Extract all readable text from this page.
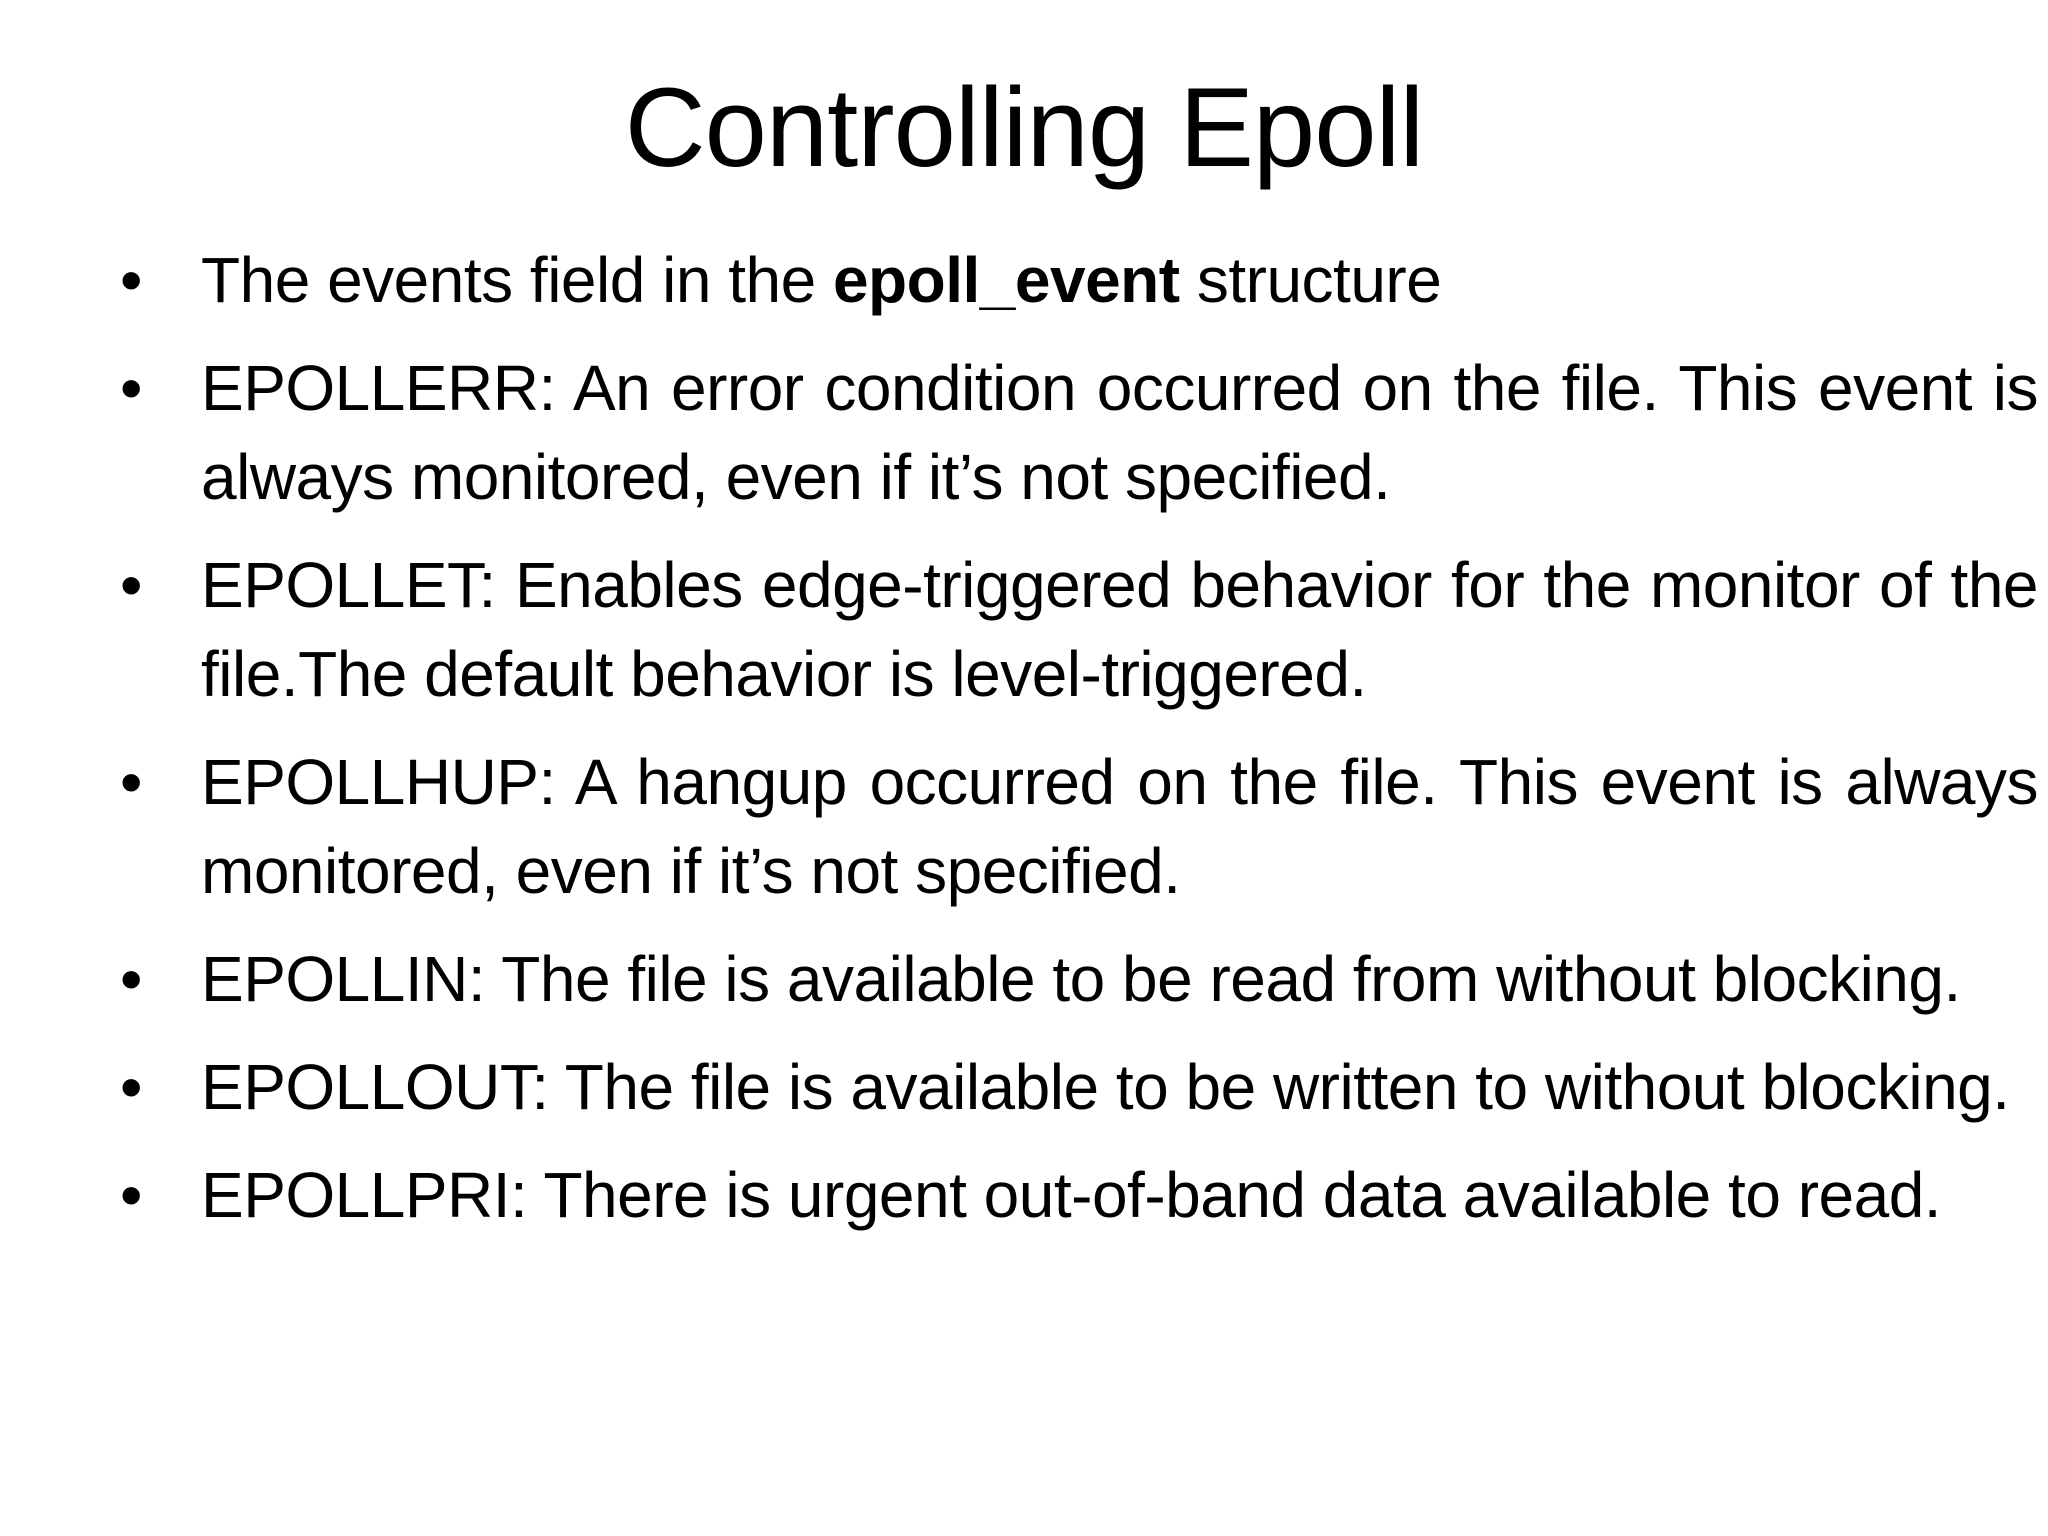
Controlling Epoll
• The events field in the epoll_event structure
• EPOLLERR: An error condition occurred on the file. This event is always monitored, even if it’s not specified.
• EPOLLET: Enables edge-triggered behavior for the monitor of the file.The default behavior is level-triggered.
• EPOLLHUP: A hangup occurred on the file. This event is always monitored, even if it’s not specified.
• EPOLLIN: The file is available to be read from without blocking.
• EPOLLOUT: The file is available to be written to without blocking.
• EPOLLPRI: There is urgent out-of-band data available to read.
